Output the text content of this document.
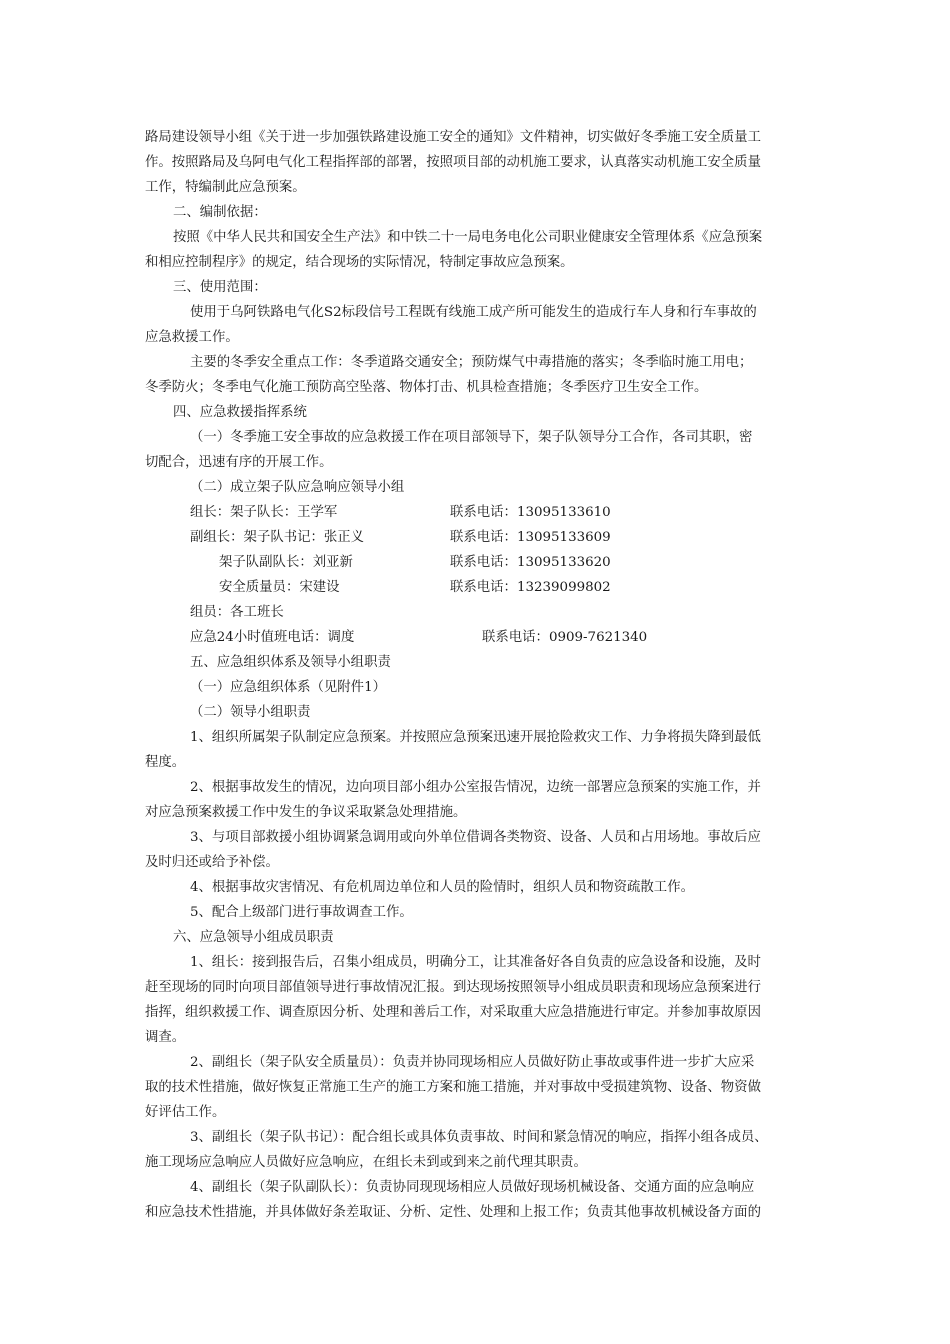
路局建设领导小组《关于进一步加强铁路建设施工安全的通知》文件精神，切实做好冬季施工安全质量工

作。按照路局及乌阿电气化工程指挥部的部署，按照项目部的动机施工要求，认真落实动机施工安全质量

工作，特编制此应急预案。

二、编制依据：

按照《中华人民共和国安全生产法》和中铁二十一局电务电化公司职业健康安全管理体系《应急预案

和相应控制程序》的规定，结合现场的实际情况，特制定事故应急预案。

三、使用范围：

使用于乌阿铁路电气化S2标段信号工程既有线施工成产所可能发生的造成行车人身和行车事故的

应急救援工作。

主要的冬季安全重点工作：冬季道路交通安全；预防煤气中毒措施的落实；冬季临时施工用电；

冬季防火；冬季电气化施工预防高空坠落、物体打击、机具检查措施；冬季医疗卫生安全工作。

四、应急救援指挥系统

（一）冬季施工安全事故的应急救援工作在项目部领导下，架子队领导分工合作，各司其职，密

切配合，迅速有序的开展工作。

（二）成立架子队应急响应领导小组

组长：架子队长：王学军	联系电话：13095133610

副组长：架子队书记：张正义	联系电话：13095133609

架子队副队长：刘亚新	联系电话：13095133620

安全质量员：宋建设	联系电话：13239099802

组员：各工班长

应急24小时值班电话：调度	联系电话：0909-7621340

五、应急组织体系及领导小组职责

（一）应急组织体系（见附件1）

（二）领导小组职责

1、组织所属架子队制定应急预案。并按照应急预案迅速开展抢险救灾工作、力争将损失降到最低

程度。

2、根据事故发生的情况，边向项目部小组办公室报告情况，边统一部署应急预案的实施工作，并

对应急预案救援工作中发生的争议采取紧急处理措施。

3、与项目部救援小组协调紧急调用或向外单位借调各类物资、设备、人员和占用场地。事故后应

及时归还或给予补偿。

4、根据事故灾害情况、有危机周边单位和人员的险情时，组织人员和物资疏散工作。

5、配合上级部门进行事故调查工作。

六、应急领导小组成员职责

1、组长：接到报告后，召集小组成员，明确分工，让其准备好各自负责的应急设备和设施，及时

赶至现场的同时向项目部值领导进行事故情况汇报。到达现场按照领导小组成员职责和现场应急预案进行

指挥，组织救援工作、调查原因分析、处理和善后工作，对采取重大应急措施进行审定。并参加事故原因

调查。

2、副组长（架子队安全质量员）：负责并协同现场相应人员做好防止事故或事件进一步扩大应采

取的技术性措施，做好恢复正常施工生产的施工方案和施工措施，并对事故中受损建筑物、设备、物资做

好评估工作。

3、副组长（架子队书记）：配合组长或具体负责事故、时间和紧急情况的响应，指挥小组各成员、

施工现场应急响应人员做好应急响应，在组长未到或到来之前代理其职责。

4、副组长（架子队副队长）：负责协同现现场相应人员做好现场机械设备、交通方面的应急响应

和应急技术性措施，并具体做好条差取证、分析、定性、处理和上报工作；负责其他事故机械设备方面的
